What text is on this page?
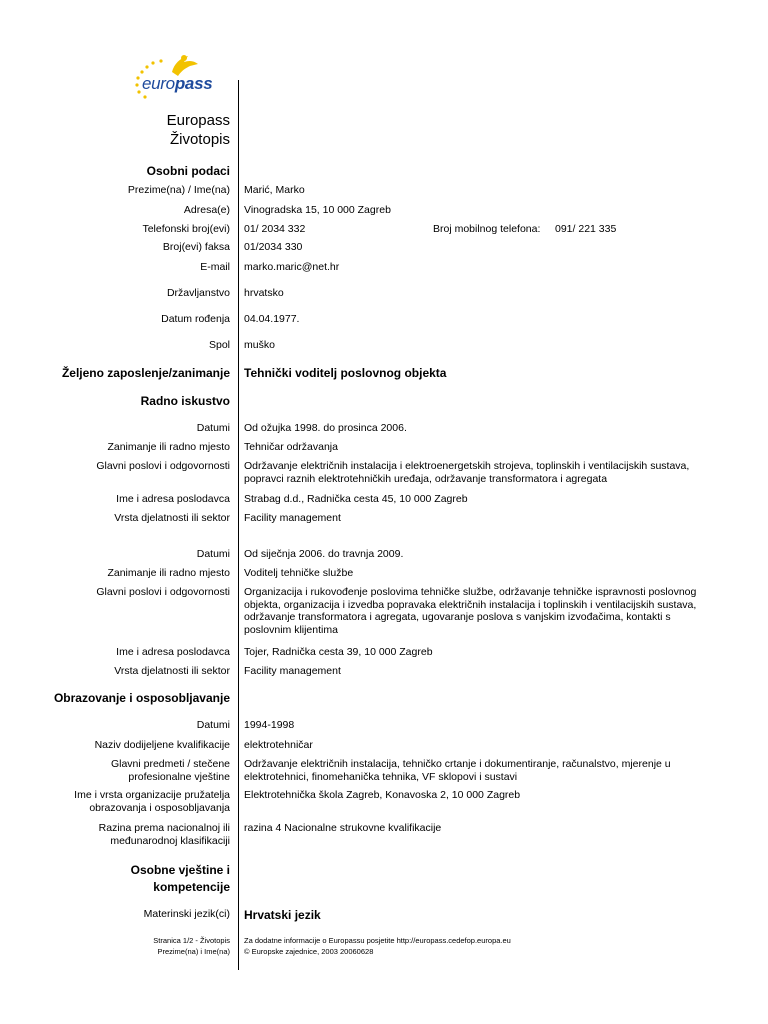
europass
Europass
Životopis
Osobni podaci
Prezime(na) / Ime(na) Marić, Marko
Adresa(e) Vinogradska 15, 10 000 Zagreb
Telefonski broj(evi) 01/ 2034 332	Broj mobilnog telefona: 091/ 221 335
Broj(evi) faksa 01/2034 330
E-mail marko.maric@net.hr
Državljanstvo hrvatsko
Datum rođenja 04.04.1977.
Spol muško
Željeno zaposlenje/zanimanje Tehnički voditelj poslovnog objekta
Radno iskustvo
Datumi Od ožujka 1998. do prosinca 2006.
Zanimanje ili radno mjesto Tehničar održavanja
Glavni poslovi i odgovornosti Održavanje električnih instalacija i elektroenergetskih strojeva, toplinskih i ventilacijskih sustava, popravci raznih elektrotehničkih uređaja, održavanje transformatora i agregata
Ime i adresa poslodavca Strabag d.d., Radnička cesta 45, 10 000 Zagreb
Vrsta djelatnosti ili sektor Facility management
Datumi Od siječnja 2006. do travnja 2009.
Zanimanje ili radno mjesto Voditelj tehničke službe
Glavni poslovi i odgovornosti Organizacija i rukovođenje poslovima tehničke službe, održavanje tehničke ispravnosti poslovnog objekta, organizacija i izvedba popravaka električnih instalacija i toplinskih i ventilacijskih sustava, održavanje transformatora i agregata, ugovaranje poslova s vanjskim izvođačima, kontakti s poslovnim klijentima
Ime i adresa poslodavca Tojer, Radnička cesta 39, 10 000 Zagreb
Vrsta djelatnosti ili sektor Facility management
Obrazovanje i osposobljavanje
Datumi 1994-1998
Naziv dodijeljene kvalifikacije elektrotehničar
Glavni predmeti / stečene
profesionalne vještine
Održavanje električnih instalacija, tehničko crtanje i dokumentiranje, računalstvo, mjerenje u elektrotehnici, finomehanička tehnika, VF sklopovi i sustavi
Ime i vrsta organizacije pružatelja
obrazovanja i osposobljavanja
Elektrotehnička škola Zagreb, Konavoska 2, 10 000 Zagreb
Razina prema nacionalnoj ili
međunarodnoj klasifikaciji
razina 4 Nacionalne strukovne kvalifikacije
Osobne vještine i
kompetencije
Materinski jezik(ci) Hrvatski jezik
Stranica 1/2 - Životopis
Prezime(na) i Ime(na)
Za dodatne informacije o Europassu posjetite http://europass.cedefop.europa.eu
© Europske zajednice, 2003 20060628
